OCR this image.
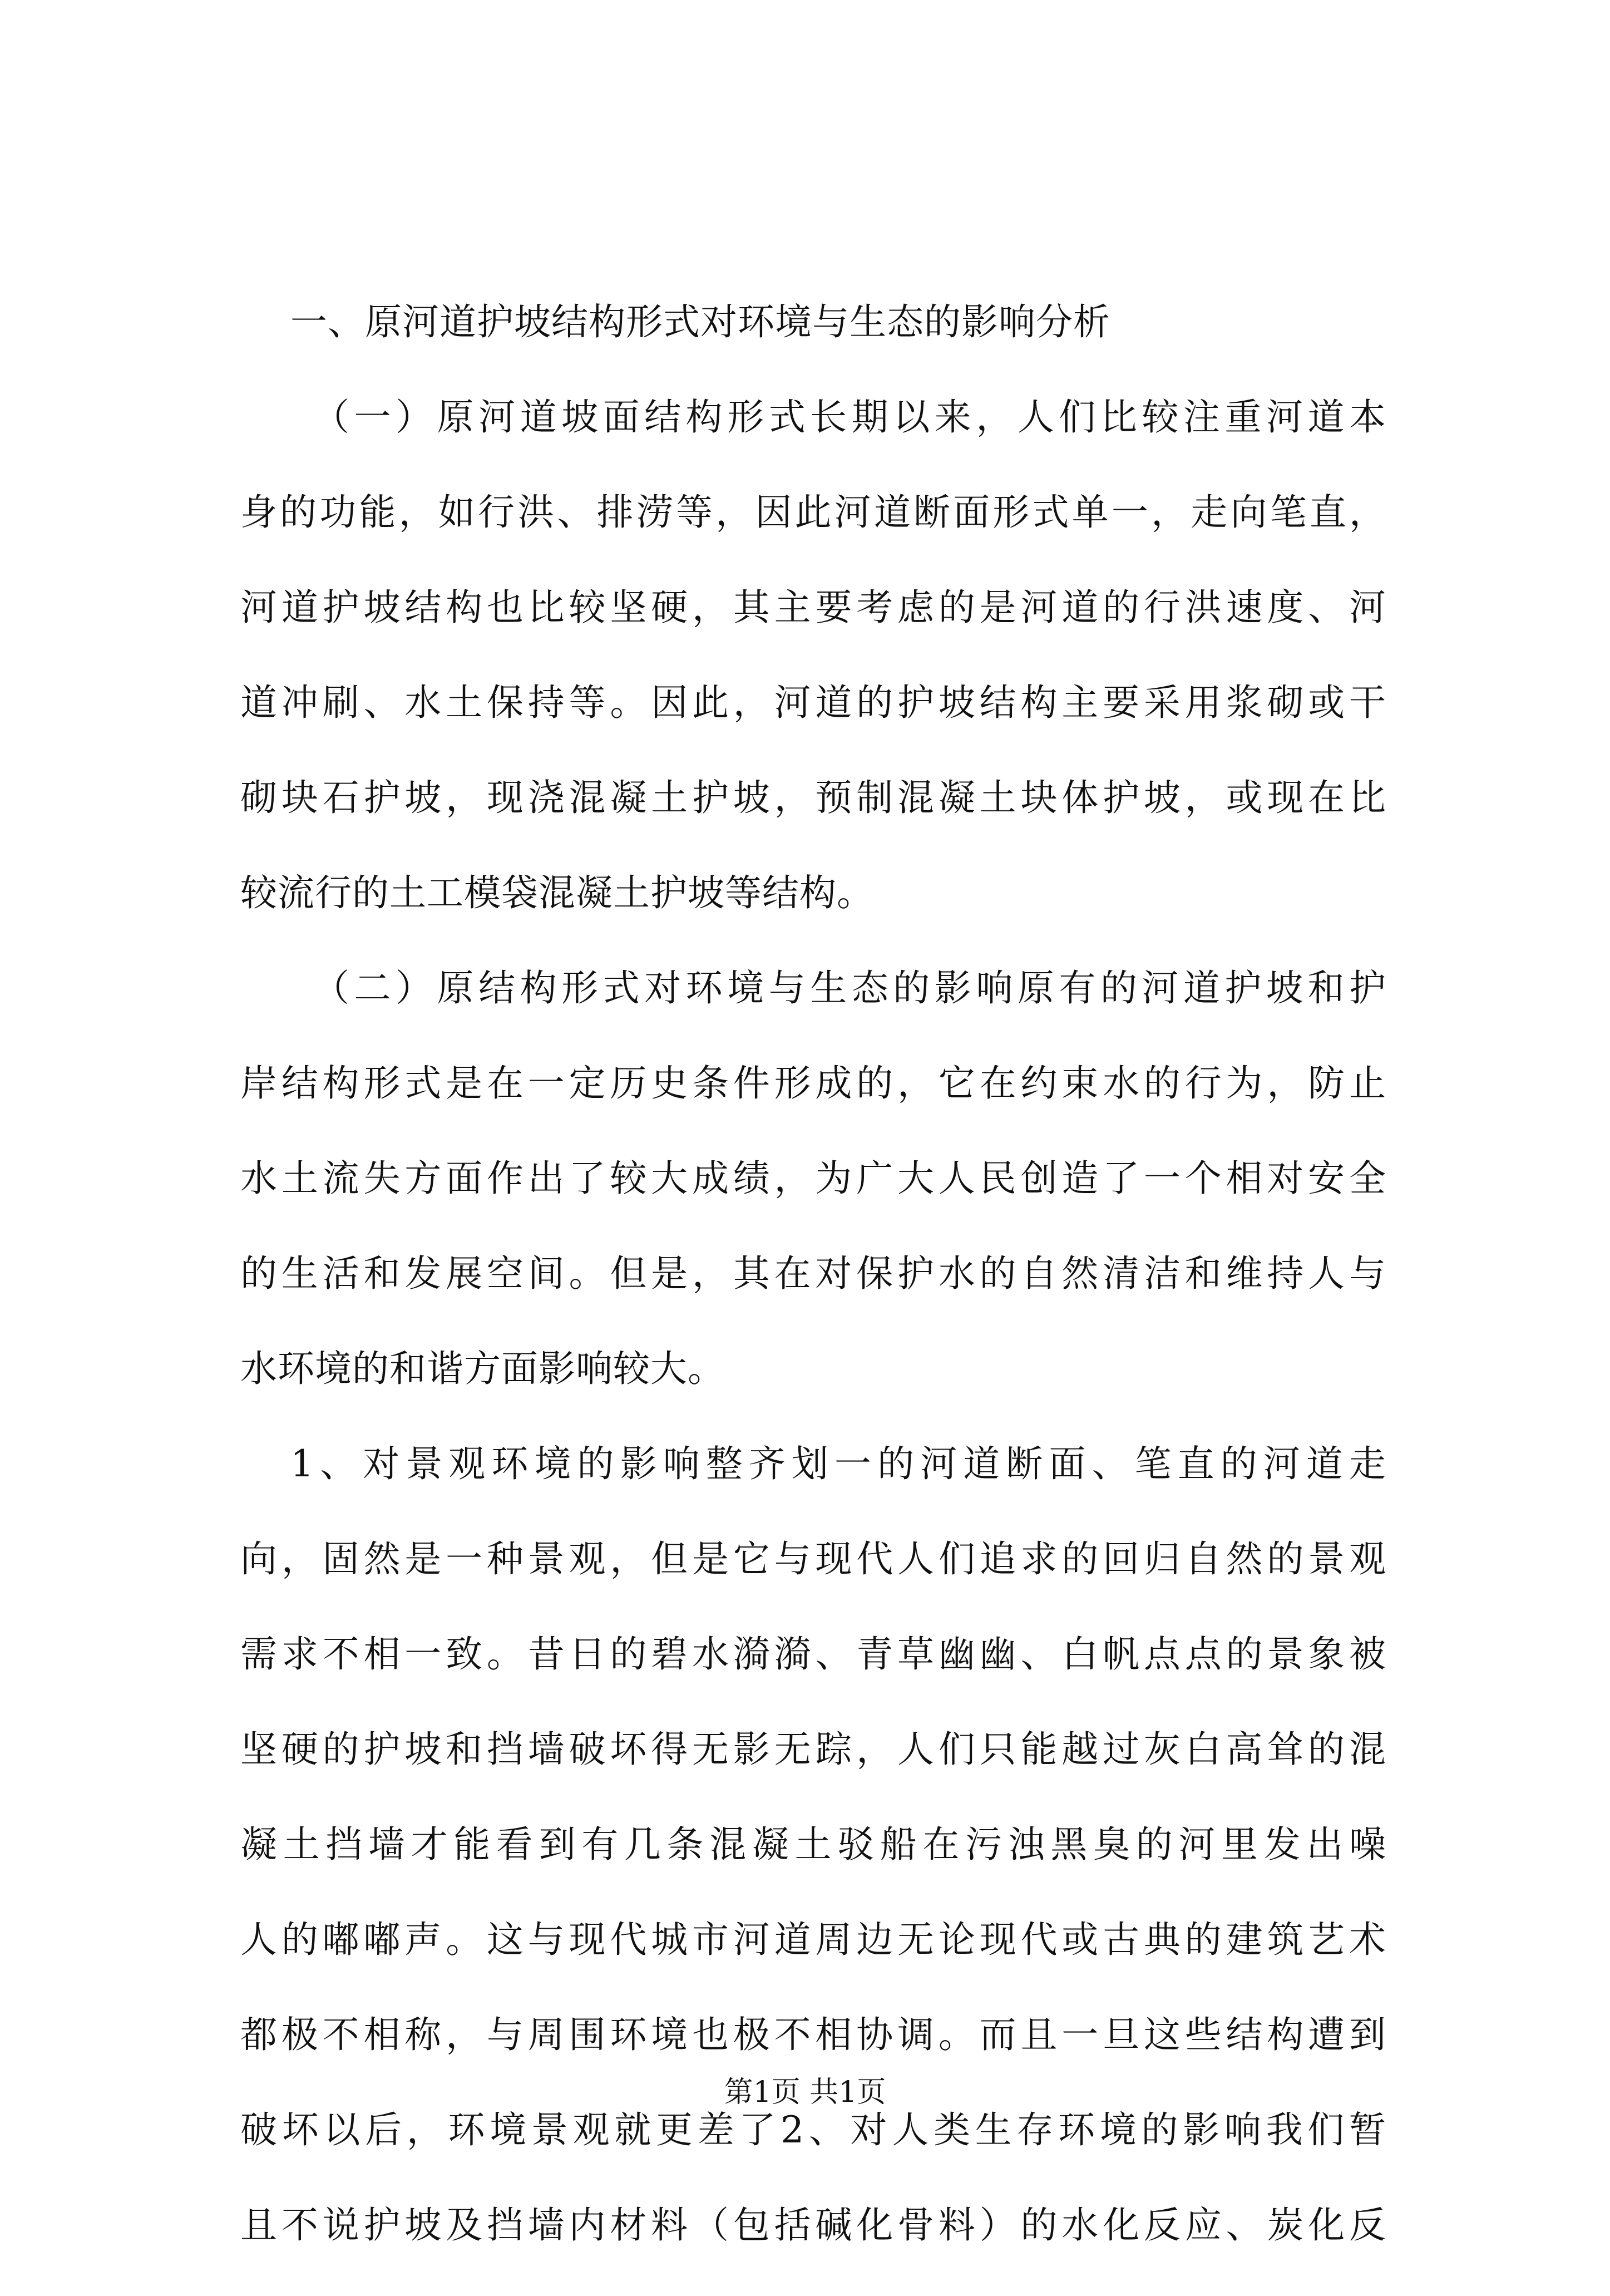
一、原河道护坡结构形式对环境与生态的影响分析
（一）原河道坡面结构形式长期以来，人们比较注重河道本
身的功能，如行洪、排涝等，因此河道断面形式单一，走向笔直，
河道护坡结构也比较坚硬，其主要考虑的是河道的行洪速度、河
道冲刷、水土保持等。因此，河道的护坡结构主要采用浆砌或干
砌块石护坡，现浇混凝土护坡，预制混凝土块体护坡，或现在比
较流行的土工模袋混凝土护坡等结构。
（二）原结构形式对环境与生态的影响原有的河道护坡和护
岸结构形式是在一定历史条件形成的，它在约束水的行为，防止
水土流失方面作出了较大成绩，为广大人民创造了一个相对安全
的生活和发展空间。但是，其在对保护水的自然清洁和维持人与
水环境的和谐方面影响较大。
1、对景观环境的影响整齐划一的河道断面、笔直的河道走
向，固然是一种景观，但是它与现代人们追求的回归自然的景观
需求不相一致。昔日的碧水漪漪、青草幽幽、白帆点点的景象被
坚硬的护坡和挡墙破坏得无影无踪，人们只能越过灰白高耸的混
凝土挡墙才能看到有几条混凝土驳船在污浊黑臭的河里发出噪
人的嘟嘟声。这与现代城市河道周边无论现代或古典的建筑艺术
都极不相称，与周围环境也极不相协调。而且一旦这些结构遭到
破坏以后，环境景观就更差了2、对人类生存环境的影响我们暂
且不说护坡及挡墙内材料（包括碱化骨料）的水化反应、炭化反
第1页 共1页
